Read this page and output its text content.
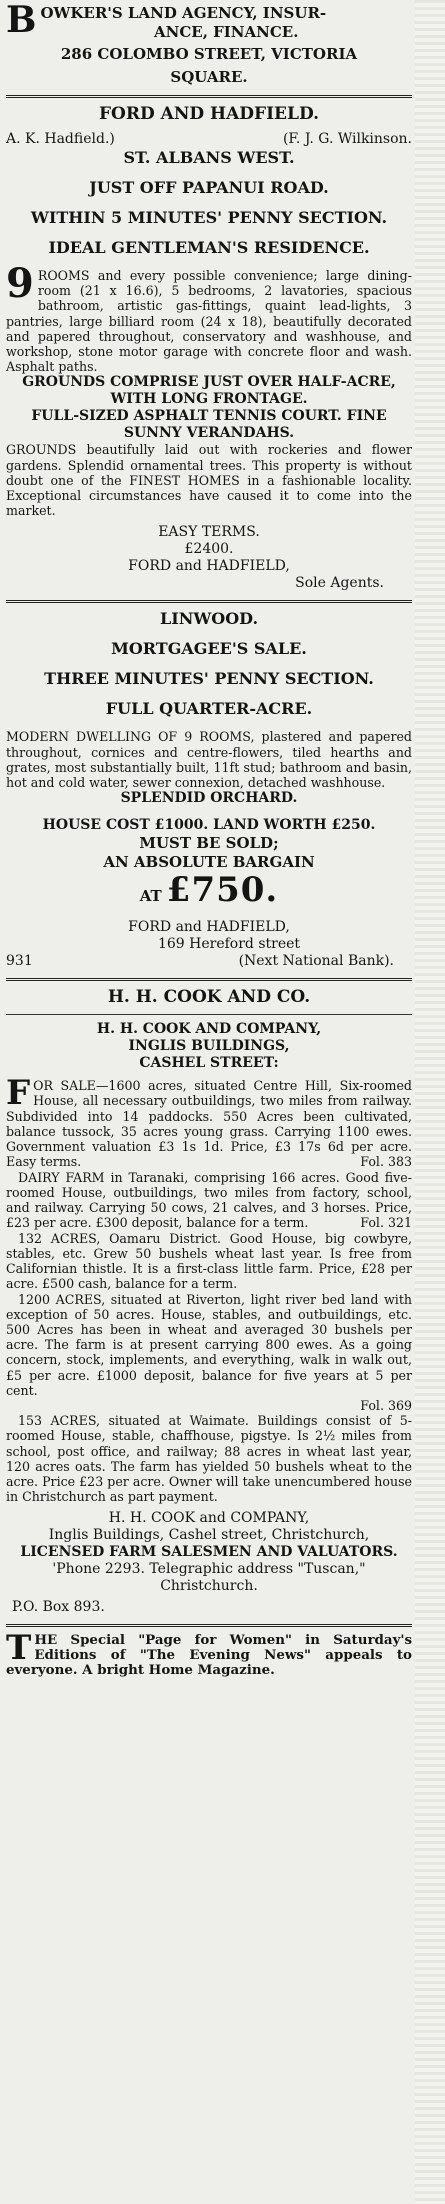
B OWKER'S LAND AGENCY, INSUR-
ANCE, FINANCE.
286 COLOMBO STREET, VICTORIA
SQUARE.
FORD AND HADFIELD.
A. K. Hadfield.)	(F. J. G. Wilkinson.
ST. ALBANS WEST.
JUST OFF PAPANUI ROAD.
WITHIN 5 MINUTES' PENNY SECTION.
IDEAL GENTLEMAN'S RESIDENCE.
9 ROOMS and every possible convenience; large dining-room (21 x 16.6), 5 bedrooms, 2 lavatories, spacious bathroom, artistic gas-fittings, quaint lead-lights, 3 pantries, large billiard room (24 x 18), beautifully decorated and papered throughout, conservatory and washhouse, and workshop, stone motor garage with concrete floor and wash. Asphalt paths.
GROUNDS COMPRISE JUST OVER HALF-ACRE, WITH LONG FRONTAGE.
FULL-SIZED ASPHALT TENNIS COURT. FINE SUNNY VERANDAHS.
GROUNDS beautifully laid out with rockeries and flower gardens. Splendid ornamental trees. This property is without doubt one of the FINEST HOMES in a fashionable locality. Exceptional circumstances have caused it to come into the market.
EASY TERMS.
£2400.
FORD and HADFIELD,
Sole Agents.
LINWOOD.
MORTGAGEE'S SALE.
THREE MINUTES' PENNY SECTION.
FULL QUARTER-ACRE.
MODERN DWELLING OF 9 ROOMS, plastered and papered throughout, cornices and centre-flowers, tiled hearths and grates, most substantially built, 11ft stud; bathroom and basin, hot and cold water, sewer connexion, detached washhouse.
SPLENDID ORCHARD.
HOUSE COST £1000. LAND WORTH £250.
MUST BE SOLD;
AN ABSOLUTE BARGAIN
AT £750.
FORD and HADFIELD,
169 Hereford street
931	(Next National Bank).
H. H. COOK AND CO.
H. H. COOK AND COMPANY,
INGLIS BUILDINGS,
CASHEL STREET:
F OR SALE—1600 acres, situated Centre Hill, Six-roomed House, all necessary outbuildings, two miles from railway. Subdivided into 14 paddocks. 550 Acres been cultivated, balance tussock, 35 acres young grass. Carrying 1100 ewes. Government valuation £3 1s 1d. Price, £3 17s 6d per acre. Easy terms.	Fol. 383
DAIRY FARM in Taranaki, comprising 166 acres. Good five-roomed House, outbuildings, two miles from factory, school, and railway. Carrying 50 cows, 21 calves, and 3 horses. Price, £23 per acre. £300 deposit, balance for a term.	Fol. 321
132 ACRES, Oamaru District. Good House, big cowbyre, stables, etc. Grew 50 bushels wheat last year. Is free from Californian thistle. It is a first-class little farm. Price, £28 per acre. £500 cash, balance for a term.
1200 ACRES, situated at Riverton, light river bed land with exception of 50 acres. House, stables, and outbuildings, etc. 500 Acres has been in wheat and averaged 30 bushels per acre. The farm is at present carrying 800 ewes. As a going concern, stock, implements, and everything, walk in walk out, £5 per acre. £1000 deposit, balance for five years at 5 per cent.
Fol. 369
153 ACRES, situated at Waimate. Buildings consist of 5-roomed House, stable, chaffhouse, pigstye. Is 2½ miles from school, post office, and railway; 88 acres in wheat last year, 120 acres oats. The farm has yielded 50 bushels wheat to the acre. Price £23 per acre. Owner will take unencumbered house in Christchurch as part payment.
H. H. COOK and COMPANY,
Inglis Buildings, Cashel street, Christchurch,
LICENSED FARM SALESMEN AND VALUATORS.
'Phone 2293. Telegraphic address "Tuscan," Christchurch.
P.O. Box 893.
T HE Special "Page for Women" in Saturday's Editions of "The Evening News" appeals to everyone. A bright Home Magazine.
